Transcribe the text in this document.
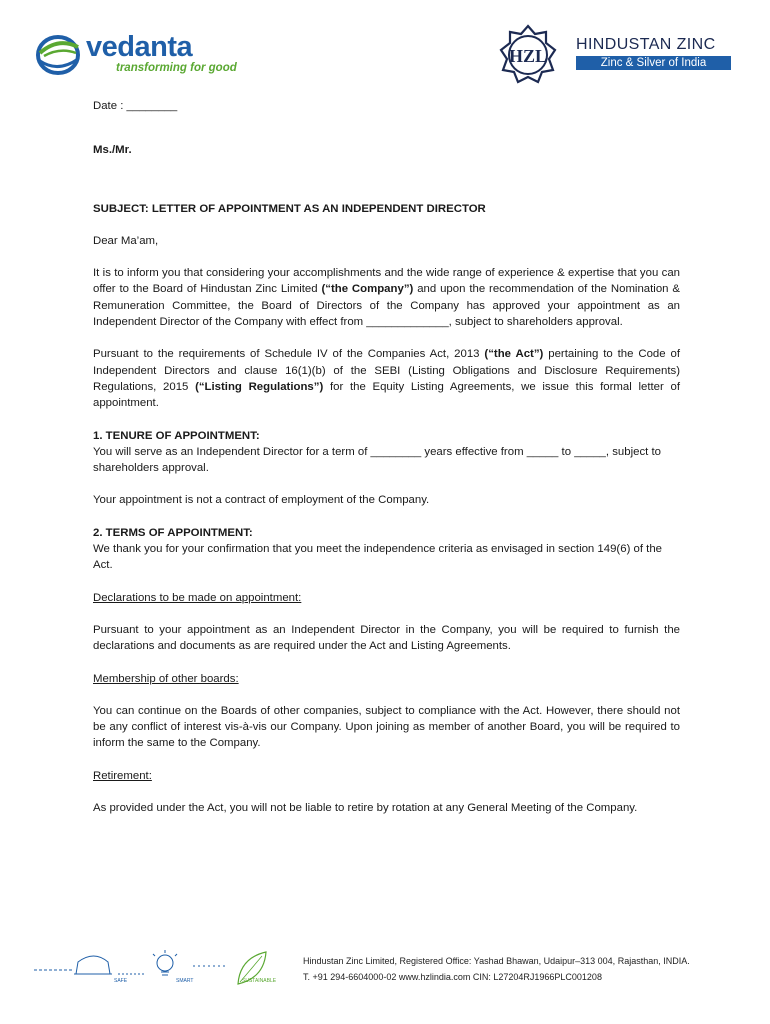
vedanta
transforming for good
HZL
HINDUSTAN ZINC
Zinc & Silver of India

Date : ________

Ms./Mr.

SUBJECT: LETTER OF APPOINTMENT AS AN INDEPENDENT DIRECTOR

Dear Ma’am,

It is to inform you that considering your accomplishments and the wide range of experience & expertise that you can offer to the Board of Hindustan Zinc Limited (“the Company”) and upon the recommendation of the Nomination & Remuneration Committee, the Board of Directors of the Company has approved your appointment as an Independent Director of the Company with effect from _____________, subject to shareholders approval.

Pursuant to the requirements of Schedule IV of the Companies Act, 2013 (“the Act”) pertaining to the Code of Independent Directors and clause 16(1)(b) of the SEBI (Listing Obligations and Disclosure Requirements) Regulations, 2015 (“Listing Regulations”) for the Equity Listing Agreements, we issue this formal letter of appointment.

1. TENURE OF APPOINTMENT:

You will serve as an Independent Director for a term of ________ years effective from _____ to _____, subject to shareholders approval.

Your appointment is not a contract of employment of the Company.

2. TERMS OF APPOINTMENT:

We thank you for your confirmation that you meet the independence criteria as envisaged in section 149(6) of the Act.

Declarations to be made on appointment:

Pursuant to your appointment as an Independent Director in the Company, you will be required to furnish the declarations and documents as are required under the Act and Listing Agreements.

Membership of other boards:

You can continue on the Boards of other companies, subject to compliance with the Act. However, there should not be any conflict of interest vis-à-vis our Company. Upon joining as member of another Board, you will be required to inform the same to the Company.

Retirement:

As provided under the Act, you will not be liable to retire by rotation at any General Meeting of the Company.

SAFE	SMART	SUSTAINABLE
Hindustan Zinc Limited, Registered Office: Yashad Bhawan, Udaipur–313 004, Rajasthan, INDIA.
T. +91 294-6604000-02 www.hzlindia.com CIN: L27204RJ1966PLC001208
